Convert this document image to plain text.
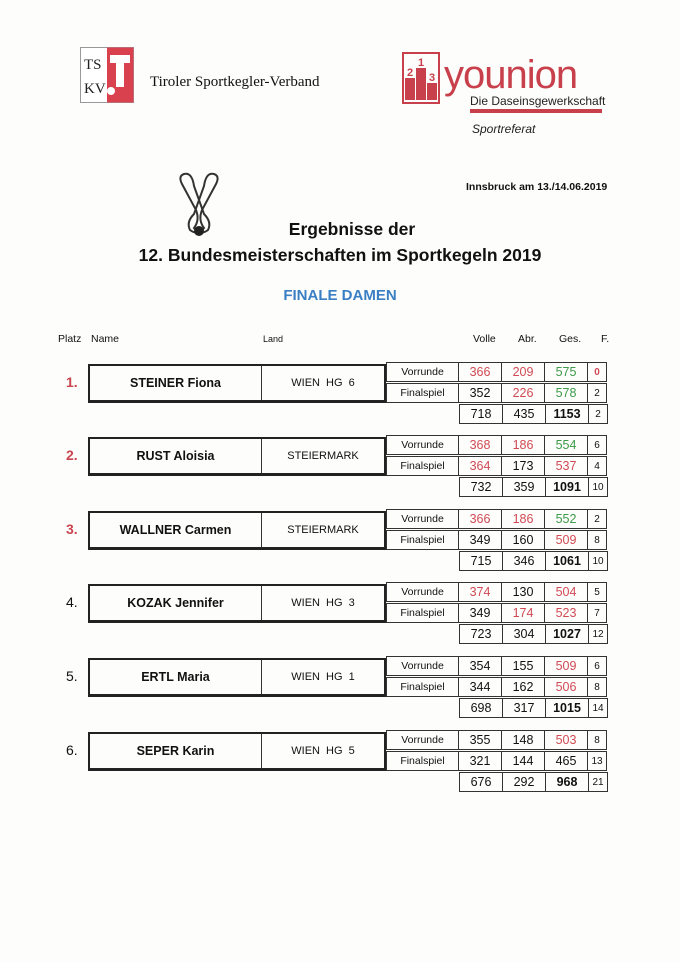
TS
KV	Tiroler Sportkegler-Verband
2
1
3 younion
Die Daseinsgewerkschaft
Sportreferat
Innsbruck am 13./14.06.2019
Ergebnisse der
12. Bundesmeisterschaften im Sportkegeln 2019
FINALE DAMEN
Platz Name	Land	Volle Abr. Ges. F.
1.	STEINER Fiona	WIEN HG 6
Vorrunde	366	209	575	0
Finalspiel	352	226	578	2
718	435	1153	2
2.	RUST Aloisia	STEIERMARK
Vorrunde	368	186	554	6
Finalspiel	364	173	537	4
732	359	1091	10
3.	WALLNER Carmen	STEIERMARK
Vorrunde	366	186	552	2
Finalspiel	349	160	509	8
715	346	1061	10
4.	KOZAK Jennifer	WIEN HG 3
Vorrunde	374	130	504	5
Finalspiel	349	174	523	7
723	304	1027	12
5.	ERTL Maria	WIEN HG 1
Vorrunde	354	155	509	6
Finalspiel	344	162	506	8
698	317	1015	14
6.	SEPER Karin	WIEN HG 5
Vorrunde	355	148	503	8
Finalspiel	321	144	465	13
676	292	968	21
